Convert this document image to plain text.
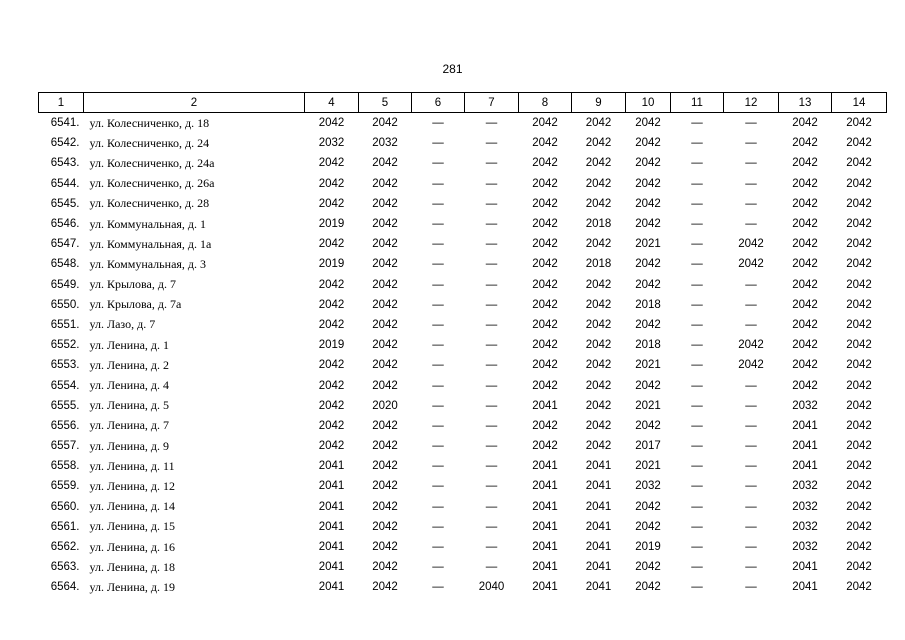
281
1	2	4	5	6	7	8	9	10	11	12	13	14
6541.	ул. Колесниченко, д. 18	2042	2042	—	—	2042	2042	2042	—	—	2042	2042
6542.	ул. Колесниченко, д. 24	2032	2032	—	—	2042	2042	2042	—	—	2042	2042
6543.	ул. Колесниченко, д. 24а	2042	2042	—	—	2042	2042	2042	—	—	2042	2042
6544.	ул. Колесниченко, д. 26а	2042	2042	—	—	2042	2042	2042	—	—	2042	2042
6545.	ул. Колесниченко, д. 28	2042	2042	—	—	2042	2042	2042	—	—	2042	2042
6546.	ул. Коммунальная, д. 1	2019	2042	—	—	2042	2018	2042	—	—	2042	2042
6547.	ул. Коммунальная, д. 1а	2042	2042	—	—	2042	2042	2021	—	2042	2042	2042
6548.	ул. Коммунальная, д. 3	2019	2042	—	—	2042	2018	2042	—	2042	2042	2042
6549.	ул. Крылова, д. 7	2042	2042	—	—	2042	2042	2042	—	—	2042	2042
6550.	ул. Крылова, д. 7а	2042	2042	—	—	2042	2042	2018	—	—	2042	2042
6551.	ул. Лазо, д. 7	2042	2042	—	—	2042	2042	2042	—	—	2042	2042
6552.	ул. Ленина, д. 1	2019	2042	—	—	2042	2042	2018	—	2042	2042	2042
6553.	ул. Ленина, д. 2	2042	2042	—	—	2042	2042	2021	—	2042	2042	2042
6554.	ул. Ленина, д. 4	2042	2042	—	—	2042	2042	2042	—	—	2042	2042
6555.	ул. Ленина, д. 5	2042	2020	—	—	2041	2042	2021	—	—	2032	2042
6556.	ул. Ленина, д. 7	2042	2042	—	—	2042	2042	2042	—	—	2041	2042
6557.	ул. Ленина, д. 9	2042	2042	—	—	2042	2042	2017	—	—	2041	2042
6558.	ул. Ленина, д. 11	2041	2042	—	—	2041	2041	2021	—	—	2041	2042
6559.	ул. Ленина, д. 12	2041	2042	—	—	2041	2041	2032	—	—	2032	2042
6560.	ул. Ленина, д. 14	2041	2042	—	—	2041	2041	2042	—	—	2032	2042
6561.	ул. Ленина, д. 15	2041	2042	—	—	2041	2041	2042	—	—	2032	2042
6562.	ул. Ленина, д. 16	2041	2042	—	—	2041	2041	2019	—	—	2032	2042
6563.	ул. Ленина, д. 18	2041	2042	—	—	2041	2041	2042	—	—	2041	2042
6564.	ул. Ленина, д. 19	2041	2042	—	2040	2041	2041	2042	—	—	2041	2042
